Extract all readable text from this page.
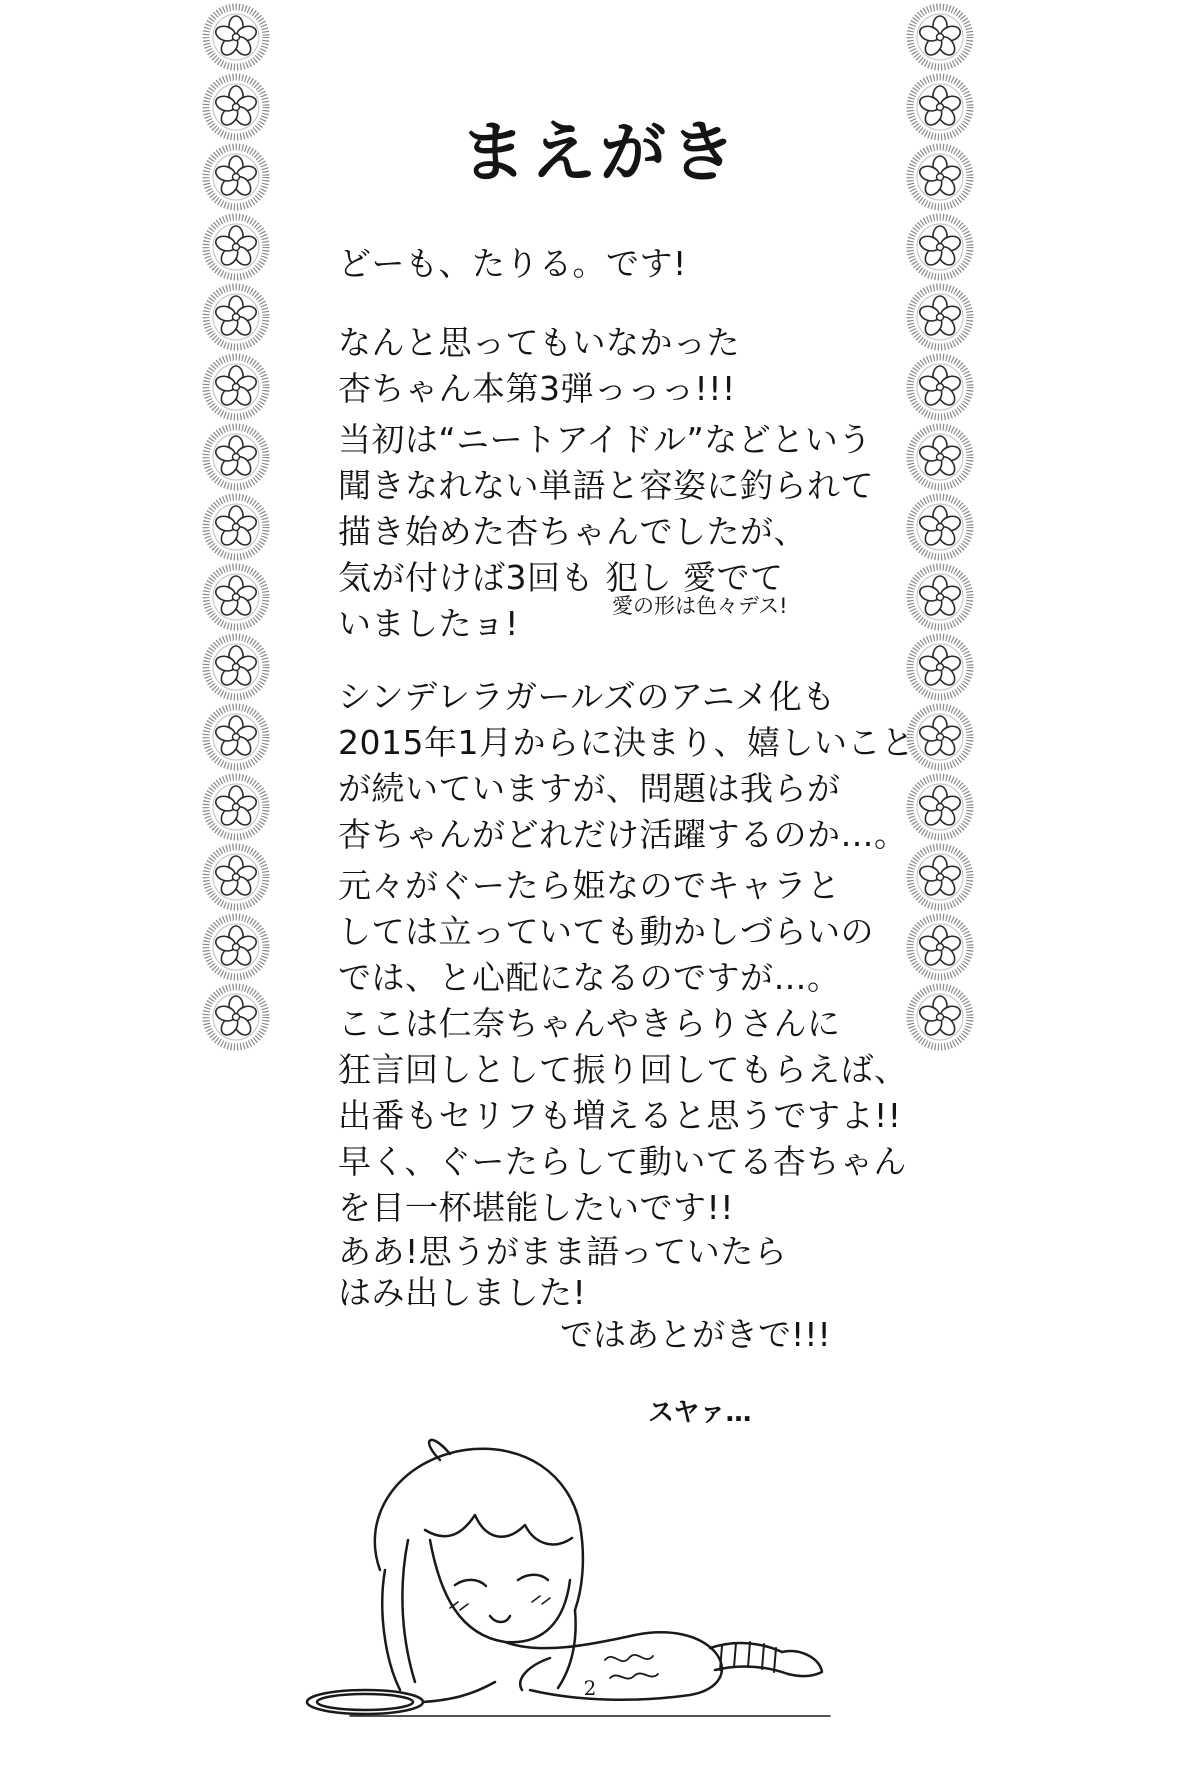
まえがき
どーも、たりる。です!
なんと思ってもいなかった
杏ちゃん本第3弾っっっ!!!
当初は“ニートアイドル”などという
聞きなれない単語と容姿に釣られて
描き始めた杏ちゃんでしたが、
気が付けば3回も 犯し 愛でて
いましたョ!	愛の形は色々デス!
シンデレラガールズのアニメ化も
2015年1月からに決まり、嬉しいこと
が続いていますが、問題は我らが
杏ちゃんがどれだけ活躍するのか…。
元々がぐーたら姫なのでキャラと
しては立っていても動かしづらいの
では、と心配になるのですが…。
ここは仁奈ちゃんやきらりさんに
狂言回しとして振り回してもらえば、
出番もセリフも増えると思うですよ!!
早く、ぐーたらして動いてる杏ちゃん
を目一杯堪能したいです!!
ああ!思うがまま語っていたら
はみ出しました!
ではあとがきで!!!
スヤァ…
2
